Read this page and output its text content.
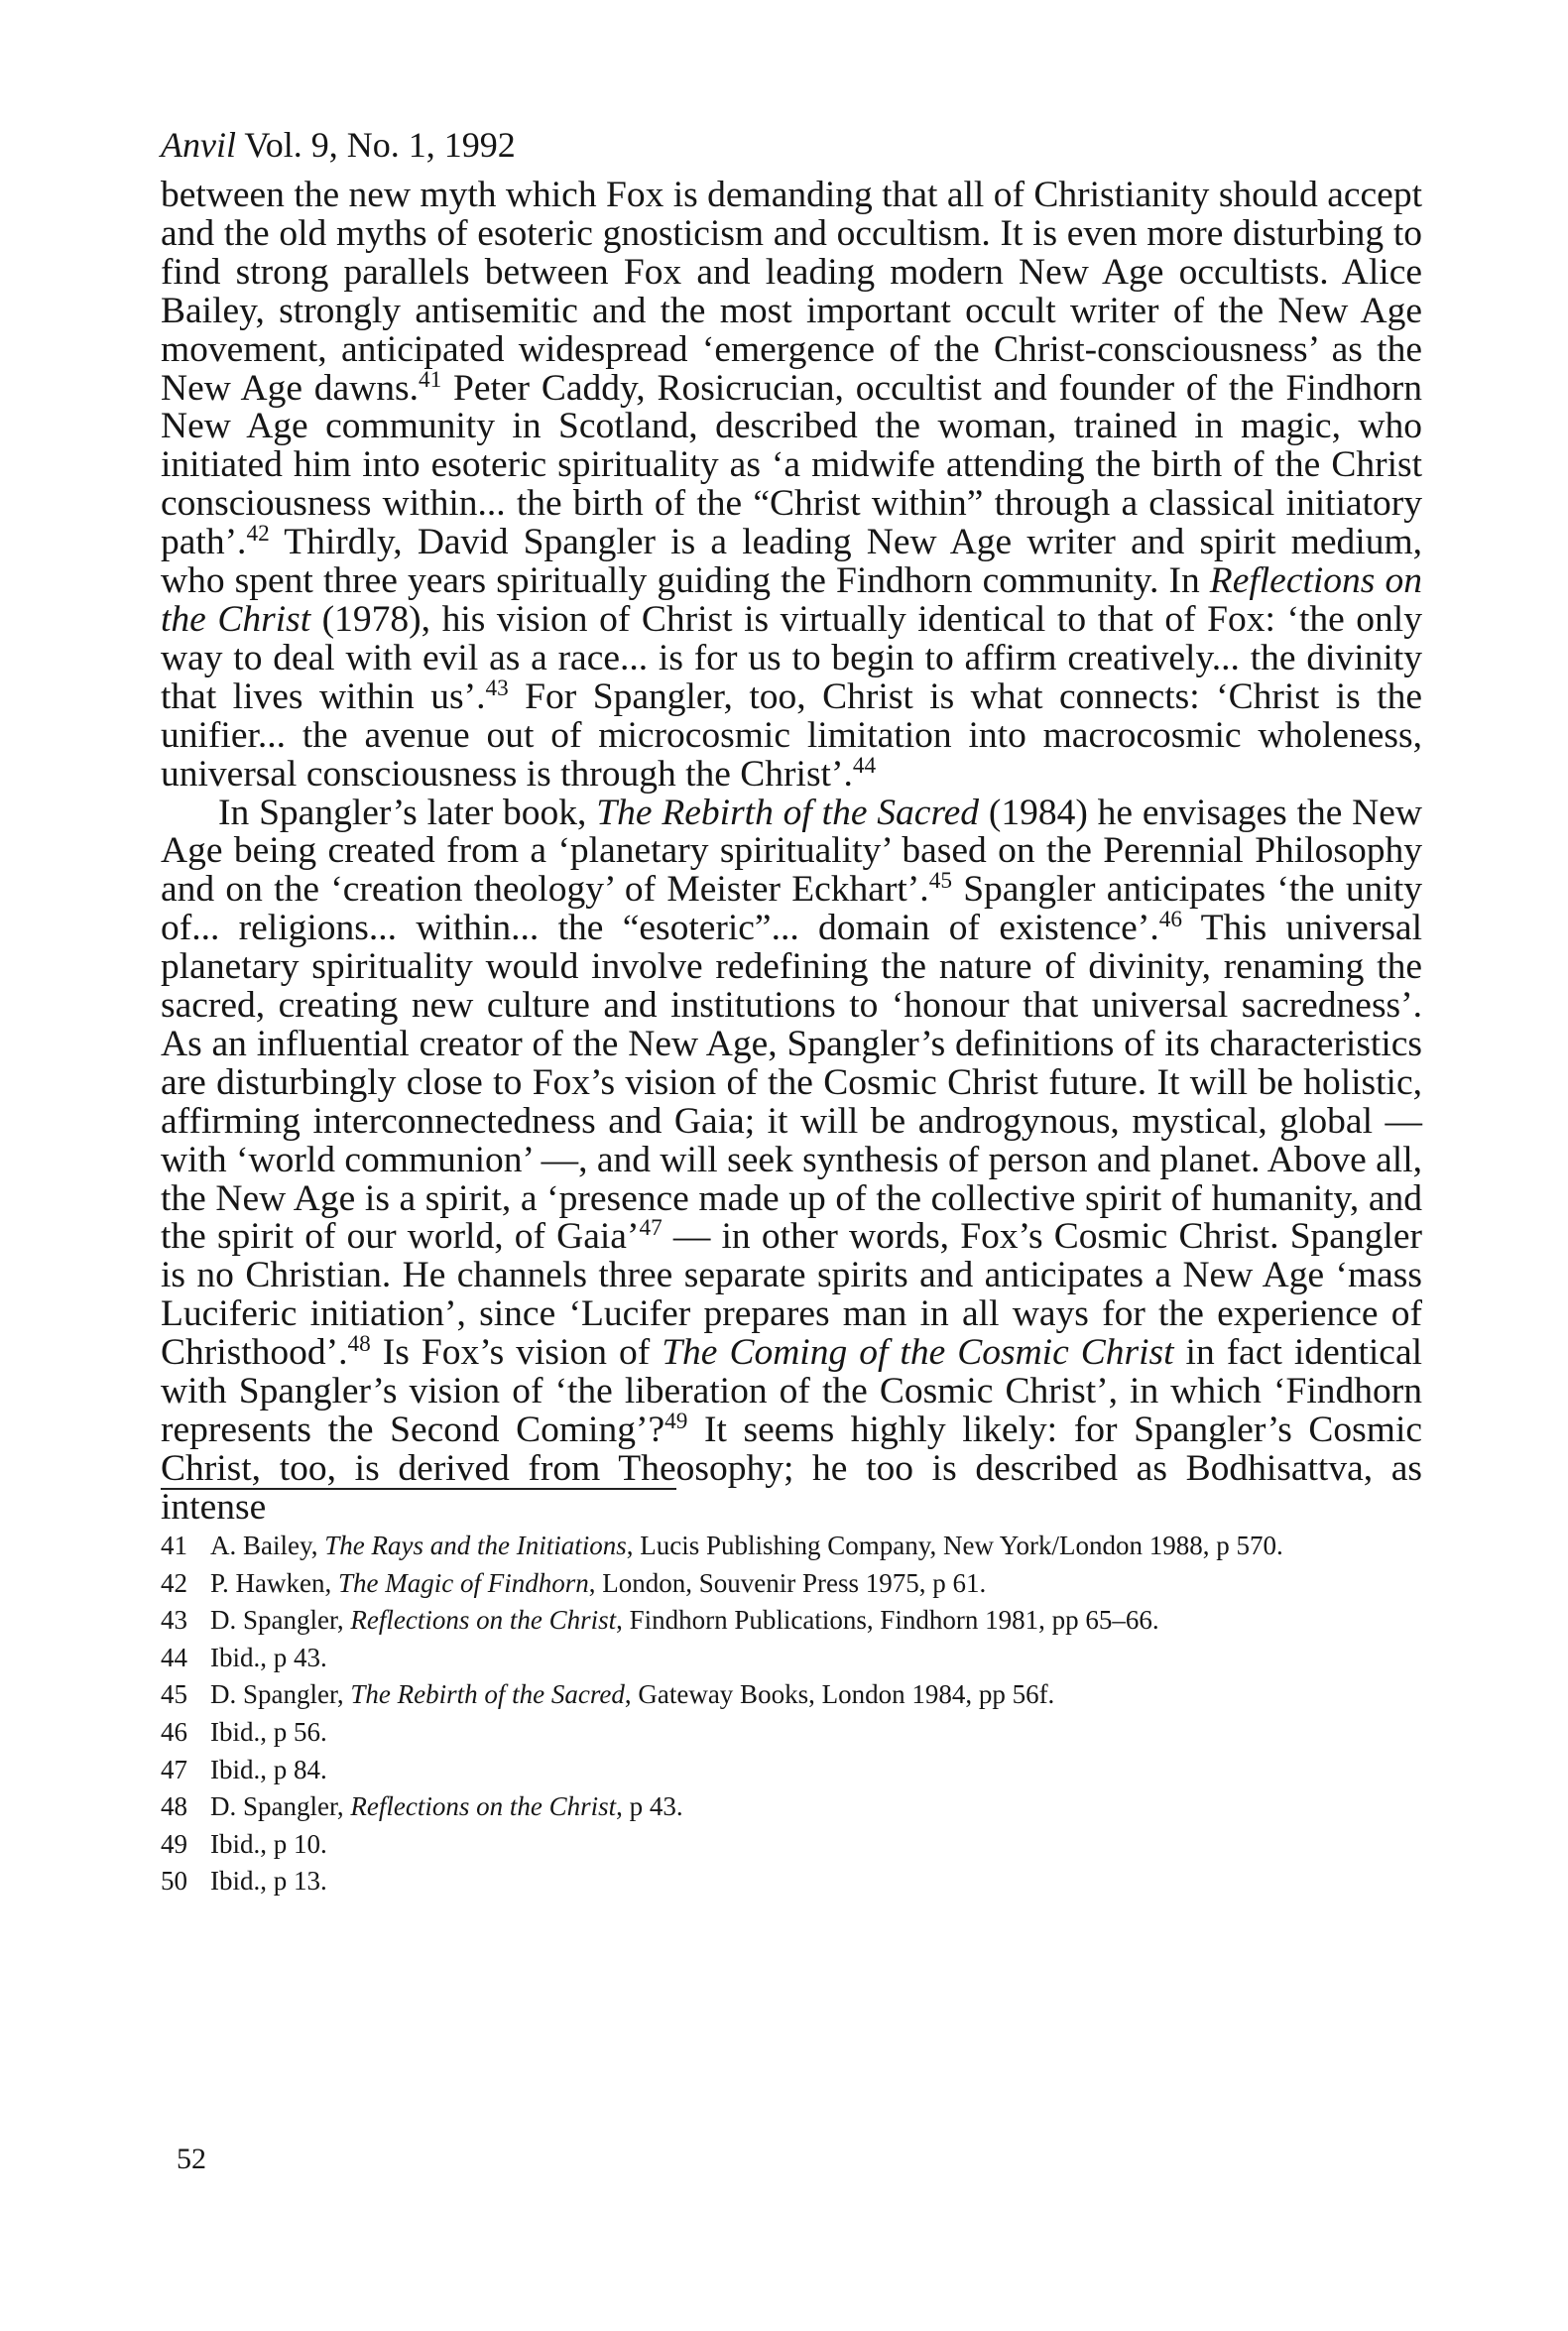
Anvil Vol. 9, No. 1, 1992

between the new myth which Fox is demanding that all of Christianity should accept and the old myths of esoteric gnosticism and occultism. It is even more disturbing to find strong parallels between Fox and leading modern New Age occultists. Alice Bailey, strongly antisemitic and the most important occult writer of the New Age movement, anticipated widespread ‘emergence of the Christ-consciousness’ as the New Age dawns.$^{41}$ Peter Caddy, Rosicrucian, occultist and founder of the Findhorn New Age community in Scotland, described the woman, trained in magic, who initiated him into esoteric spirituality as ‘a midwife attending the birth of the Christ consciousness within... the birth of the “Christ within” through a classical initiatory path’.$^{42}$ Thirdly, David Spangler is a leading New Age writer and spirit medium, who spent three years spiritually guiding the Findhorn community. In Reflections on the Christ (1978), his vision of Christ is virtually identical to that of Fox: ‘the only way to deal with evil as a race... is for us to begin to affirm creatively... the divinity that lives within us’.$^{43}$ For Spangler, too, Christ is what connects: ‘Christ is the unifier... the avenue out of microcosmic limitation into macrocosmic wholeness, universal consciousness is through the Christ’.$^{44}$

In Spangler’s later book, The Rebirth of the Sacred (1984) he envisages the New Age being created from a ‘planetary spirituality’ based on the Perennial Philosophy and on the ‘creation theology’ of Meister Eckhart’.$^{45}$ Spangler anticipates ‘the unity of... religions... within... the “esoteric”... domain of existence’.$^{46}$ This universal planetary spirituality would involve redefining the nature of divinity, renaming the sacred, creating new culture and institutions to ‘honour that universal sacredness’. As an influential creator of the New Age, Spangler’s definitions of its characteristics are disturbingly close to Fox’s vision of the Cosmic Christ future. It will be holistic, affirming interconnectedness and Gaia; it will be androgynous, mystical, global — with ‘world communion’ —, and will seek synthesis of person and planet. Above all, the New Age is a spirit, a ‘presence made up of the collective spirit of humanity, and the spirit of our world, of Gaia’$^{47}$ — in other words, Fox’s Cosmic Christ. Spangler is no Christian. He channels three separate spirits and anticipates a New Age ‘mass Luciferic initiation’, since ‘Lucifer prepares man in all ways for the experience of Christhood’.$^{48}$ Is Fox’s vision of The Coming of the Cosmic Christ in fact identical with Spangler’s vision of ‘the liberation of the Cosmic Christ’, in which ‘Findhorn represents the Second Coming’?$^{49}$ It seems highly likely: for Spangler’s Cosmic Christ, too, is derived from Theosophy; he too is described as Bodhisattva, as intense

41 A. Bailey, The Rays and the Initiations, Lucis Publishing Company, New York/London 1988, p 570.
42 P. Hawken, The Magic of Findhorn, London, Souvenir Press 1975, p 61.
43 D. Spangler, Reflections on the Christ, Findhorn Publications, Findhorn 1981, pp 65–66.
44 Ibid., p 43.
45 D. Spangler, The Rebirth of the Sacred, Gateway Books, London 1984, pp 56f.
46 Ibid., p 56.
47 Ibid., p 84.
48 D. Spangler, Reflections on the Christ, p 43.
49 Ibid., p 10.
50 Ibid., p 13.
52
